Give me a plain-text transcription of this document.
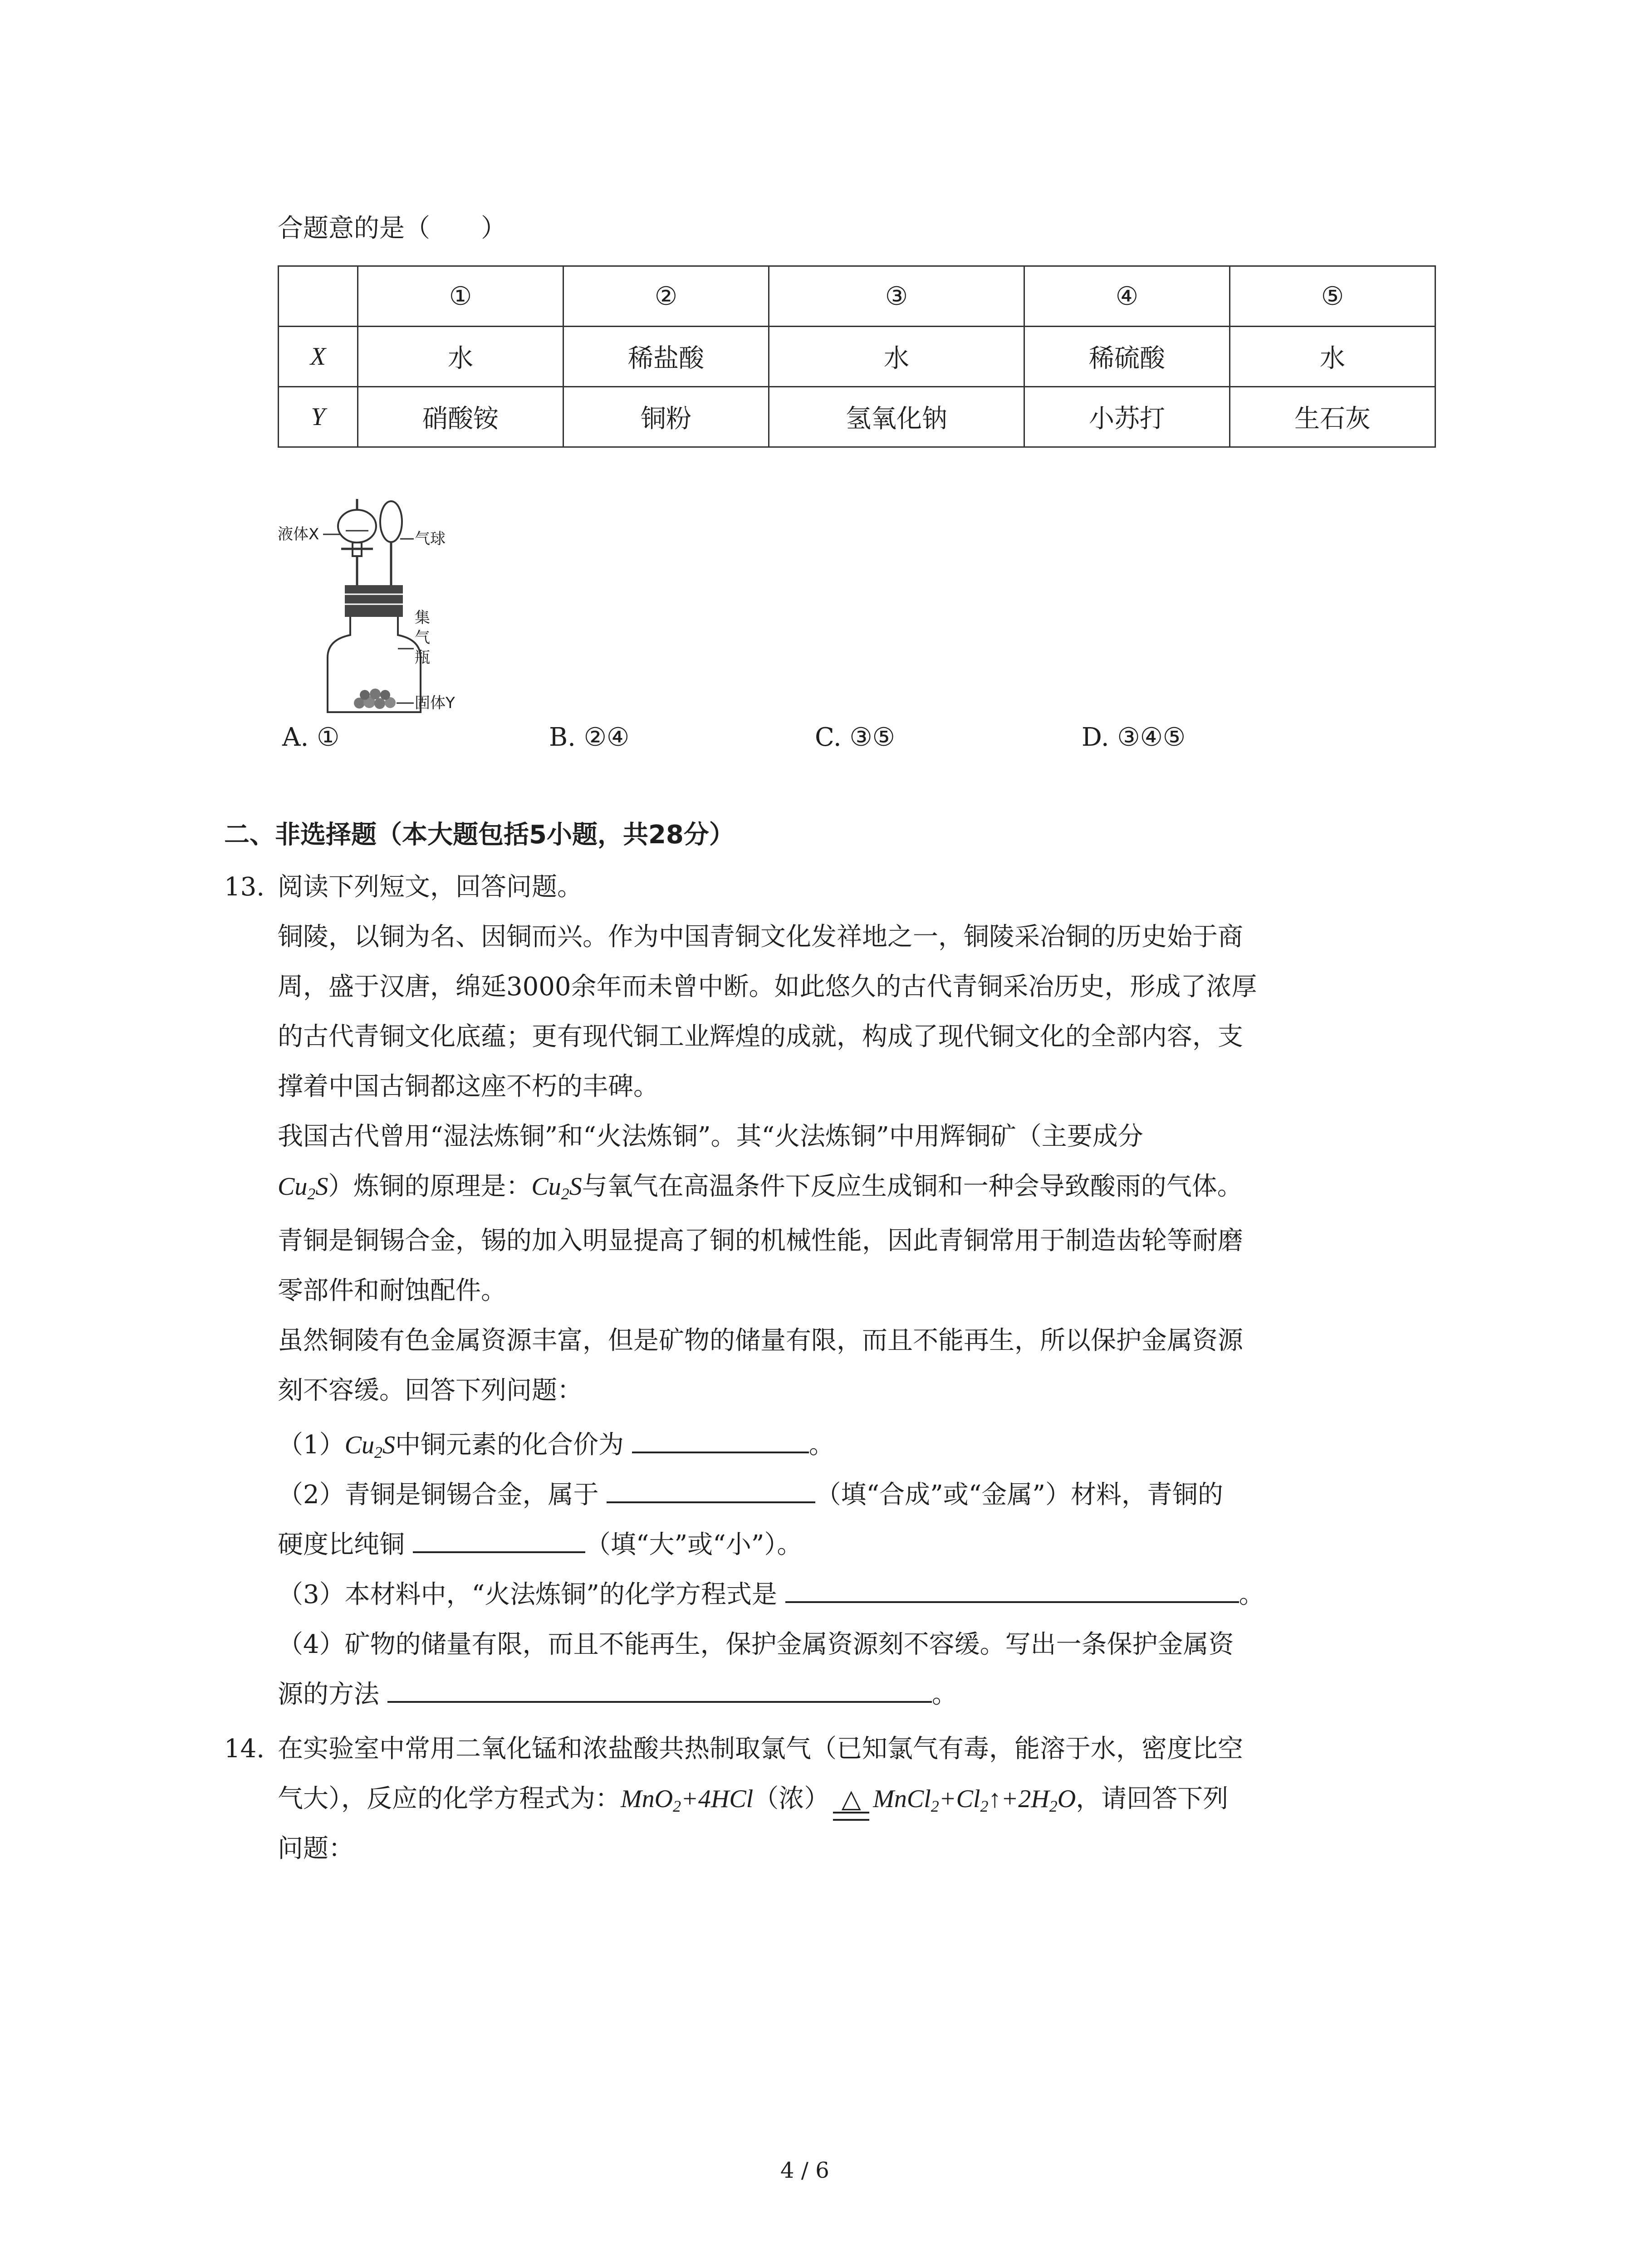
合题意的是（　　）
	①	②	③	④	⑤
X	水	稀盐酸	水	稀硫酸	水
Y	硝酸铵	铜粉	氢氧化钠	小苏打	生石灰
液体X	气球
集
气
瓶
固体Y
A. ①	B. ②④	C. ③⑤	D. ③④⑤
二、非选择题（本大题包括5小题，共28分）
13. 阅读下列短文，回答问题。
铜陵，以铜为名、因铜而兴。作为中国青铜文化发祥地之一，铜陵采冶铜的历史始于商
周，盛于汉唐，绵延3000余年而未曾中断。如此悠久的古代青铜采冶历史，形成了浓厚
的古代青铜文化底蕴；更有现代铜工业辉煌的成就，构成了现代铜文化的全部内容，支
撑着中国古铜都这座不朽的丰碑。
我国古代曾用“湿法炼铜”和“火法炼铜”。其“火法炼铜”中用辉铜矿（主要成分
$Cu_2S$）炼铜的原理是：$Cu_2S$与氧气在高温条件下反应生成铜和一种会导致酸雨的气体。
青铜是铜锡合金，锡的加入明显提高了铜的机械性能，因此青铜常用于制造齿轮等耐磨
零部件和耐蚀配件。
虽然铜陵有色金属资源丰富，但是矿物的储量有限，而且不能再生，所以保护金属资源
刻不容缓。回答下列问题：
$(1)Cu_2S$中铜元素的化合价为	。
（2）青铜是铜锡合金，属于	（填“合成”或“金属”）材料，青铜的
硬度比纯铜	（填“大”或“小”）。
（3）本材料中，“火法炼铜”的化学方程式是	。
（4）矿物的储量有限，而且不能再生，保护金属资源刻不容缓。写出一条保护金属资
源的方法	。
14. 在实验室中常用二氧化锰和浓盐酸共热制取氯气（已知氯气有毒，能溶于水，密度比空
气大），反应的化学方程式为：MnO$_2$+4HCl（浓） △ $MnCl_2+Cl_2↑+2H_2O$，请回答下列
问题：
4 / 6
